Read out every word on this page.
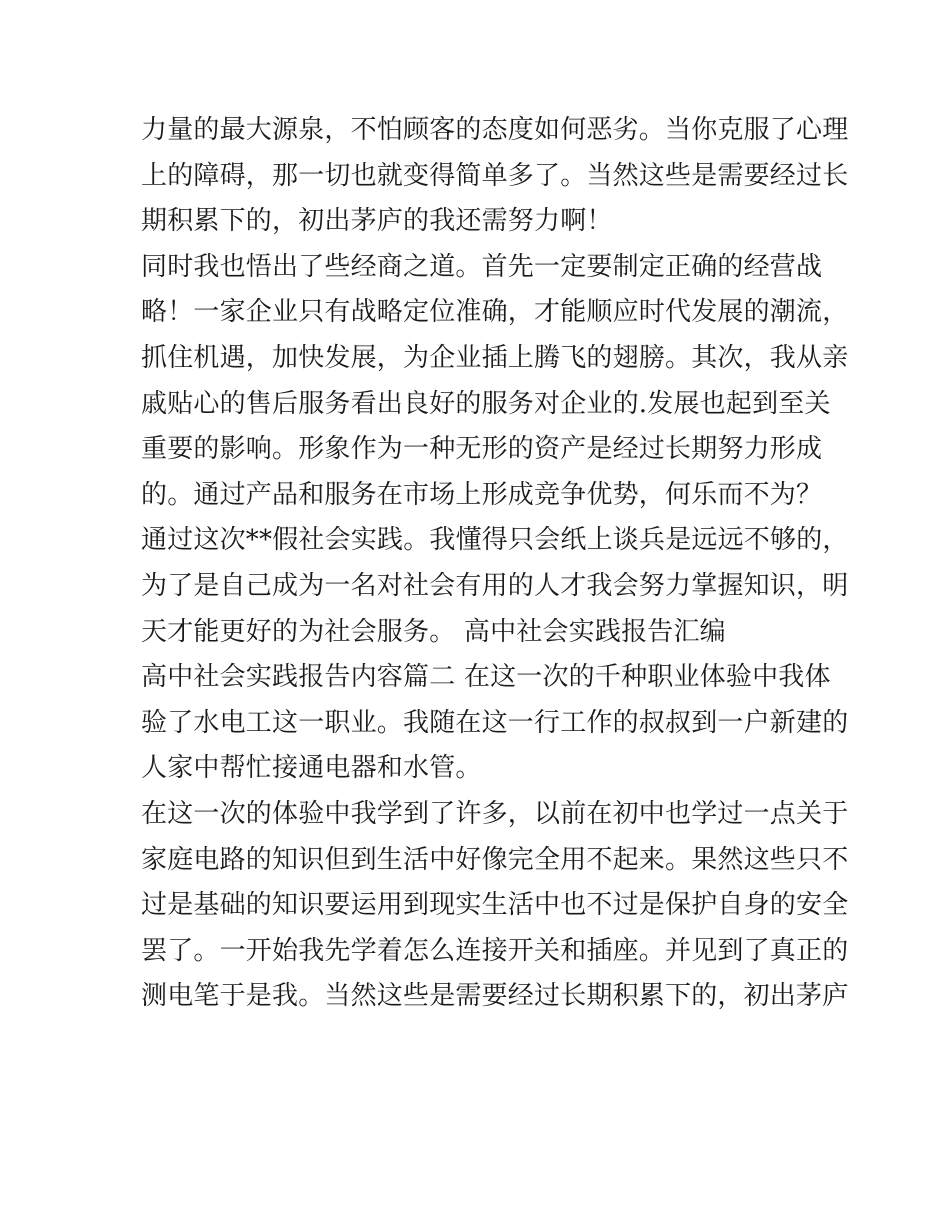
力量的最大源泉，不怕顾客的态度如何恶劣。当你克服了心理
上的障碍，那一切也就变得简单多了。当然这些是需要经过长
期积累下的，初出茅庐的我还需努力啊！
同时我也悟出了些经商之道。首先一定要制定正确的经营战
略！一家企业只有战略定位准确，才能顺应时代发展的潮流，
抓住机遇，加快发展，为企业插上腾飞的翅膀。其次，我从亲
戚贴心的售后服务看出良好的服务对企业的.发展也起到至关
重要的影响。形象作为一种无形的资产是经过长期努力形成
的。通过产品和服务在市场上形成竞争优势，何乐而不为？
通过这次**假社会实践。我懂得只会纸上谈兵是远远不够的，
为了是自己成为一名对社会有用的人才我会努力掌握知识，明
天才能更好的为社会服务。 高中社会实践报告汇编
高中社会实践报告内容篇二 在这一次的千种职业体验中我体
验了水电工这一职业。我随在这一行工作的叔叔到一户新建的
人家中帮忙接通电器和水管。
在这一次的体验中我学到了许多，以前在初中也学过一点关于
家庭电路的知识但到生活中好像完全用不起来。果然这些只不
过是基础的知识要运用到现实生活中也不过是保护自身的安全
罢了。一开始我先学着怎么连接开关和插座。并见到了真正的
测电笔于是我。当然这些是需要经过长期积累下的，初出茅庐
